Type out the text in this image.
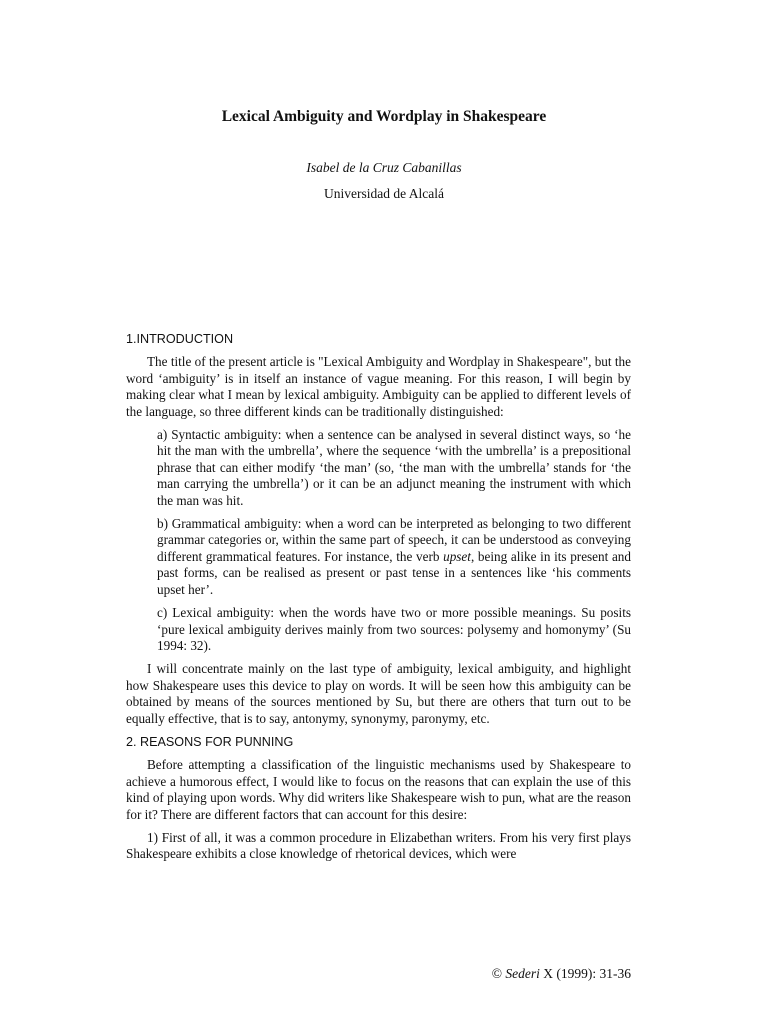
Lexical Ambiguity and Wordplay in Shakespeare
Isabel de la Cruz Cabanillas
Universidad de Alcalá
1.INTRODUCTION

The title of the present article is "Lexical Ambiguity and Wordplay in Shakespeare", but the word ‘ambiguity’ is in itself an instance of vague meaning. For this reason, I will begin by making clear what I mean by lexical ambiguity. Ambiguity can be applied to different levels of the language, so three different kinds can be traditionally distinguished:

a) Syntactic ambiguity: when a sentence can be analysed in several distinct ways, so ‘he hit the man with the umbrella’, where the sequence ‘with the umbrella’ is a prepositional phrase that can either modify ‘the man’ (so, ‘the man with the umbrella’ stands for ‘the man carrying the umbrella’) or it can be an adjunct meaning the instrument with which the man was hit.

b) Grammatical ambiguity: when a word can be interpreted as belonging to two different grammar categories or, within the same part of speech, it can be understood as conveying different grammatical features. For instance, the verb upset, being alike in its present and past forms, can be realised as present or past tense in a sentences like ‘his comments upset her’.

c) Lexical ambiguity: when the words have two or more possible meanings. Su posits ‘pure lexical ambiguity derives mainly from two sources: polysemy and homonymy’ (Su 1994: 32).

I will concentrate mainly on the last type of ambiguity, lexical ambiguity, and highlight how Shakespeare uses this device to play on words. It will be seen how this ambiguity can be obtained by means of the sources mentioned by Su, but there are others that turn out to be equally effective, that is to say, antonymy, synonymy, paronymy, etc.

2. REASONS FOR PUNNING

Before attempting a classification of the linguistic mechanisms used by Shakespeare to achieve a humorous effect, I would like to focus on the reasons that can explain the use of this kind of playing upon words. Why did writers like Shakespeare wish to pun, what are the reason for it? There are different factors that can account for this desire:

1) First of all, it was a common procedure in Elizabethan writers. From his very first plays Shakespeare exhibits a close knowledge of rhetorical devices, which were

© Sederi X (1999): 31-36
